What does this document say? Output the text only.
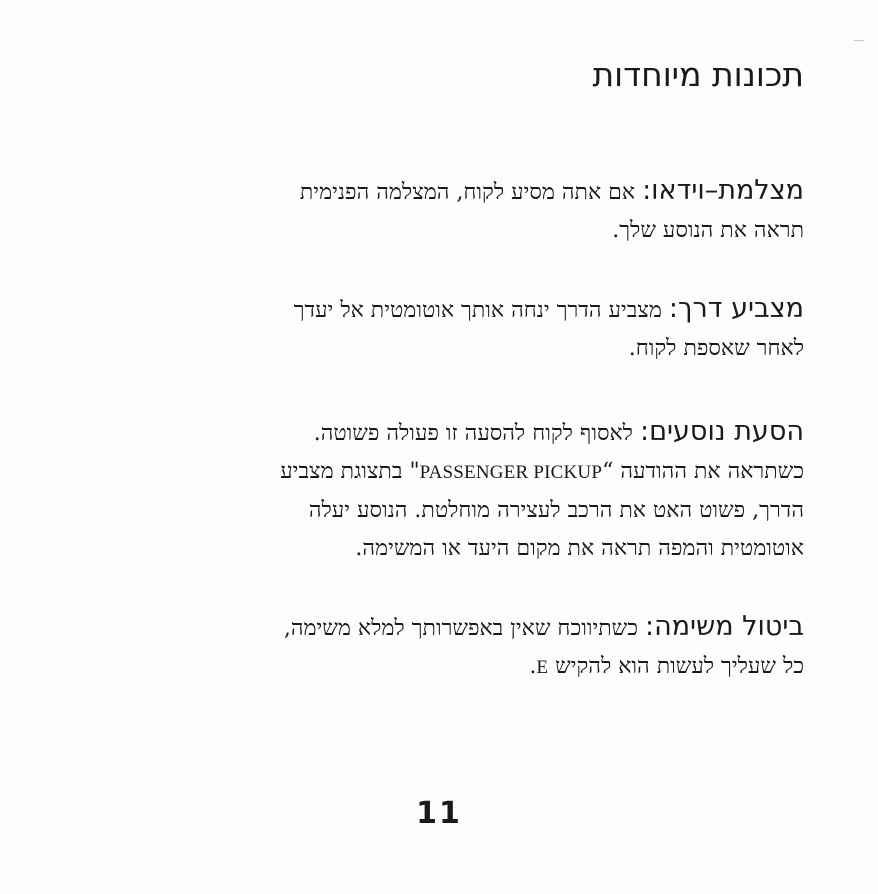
תכונות מיוחדות
מצלמת–וידאו: אם אתה מסיע לקוח, המצלמה הפנימית
תראה את הנוסע שלך.
מצביע דרך: מצביע הדרך ינחה אותך אוטומטית אל יעדך
לאחר שאספת לקוח.
הסעת נוסעים: לאסוף לקוח להסעה זו פעולה פשוטה.
כשתראה את ההודעה “PASSENGER PICKUP" בתצוגת מצביע
הדרך, פשוט האט את הרכב לעצירה מוחלטת. הנוסע יעלה
אוטומטית והמפה תראה את מקום היעד או המשימה.
ביטול משימה: כשתיווכח שאין באפשרותך למלא משימה,
כל שעליך לעשות הוא להקיש E.
11
